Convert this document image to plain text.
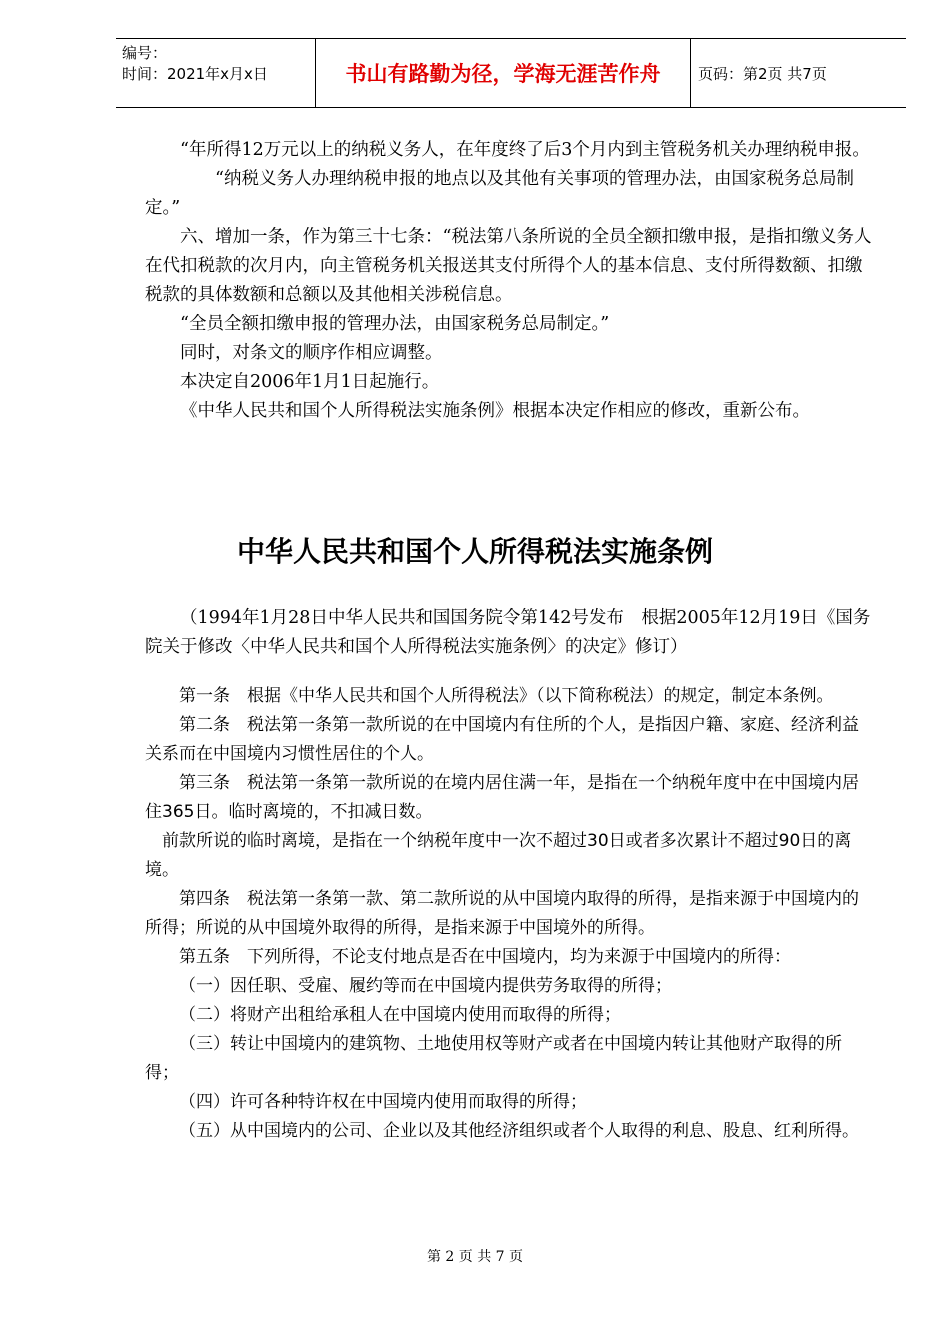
编号：
时间：2021年x月x日	书山有路勤为径，学海无涯苦作舟	页码：第2页 共7页

“年所得12万元以上的纳税义务人，在年度终了后3个月内到主管税务机关办理纳税申报。

“纳税义务人办理纳税申报的地点以及其他有关事项的管理办法，由国家税务总局制定。”

六、增加一条，作为第三十七条：“税法第八条所说的全员全额扣缴申报，是指扣缴义务人在代扣税款的次月内，向主管税务机关报送其支付所得个人的基本信息、支付所得数额、扣缴税款的具体数额和总额以及其他相关涉税信息。

“全员全额扣缴申报的管理办法，由国家税务总局制定。”

同时，对条文的顺序作相应调整。

本决定自2006年1月1日起施行。

《中华人民共和国个人所得税法实施条例》根据本决定作相应的修改，重新公布。

中华人民共和国个人所得税法实施条例

（1994年1月28日中华人民共和国国务院令第142号发布　根据2005年12月19日《国务院关于修改〈中华人民共和国个人所得税法实施条例〉的决定》修订）

第一条　根据《中华人民共和国个人所得税法》（以下简称税法）的规定，制定本条例。

第二条　税法第一条第一款所说的在中国境内有住所的个人，是指因户籍、家庭、经济利益关系而在中国境内习惯性居住的个人。

第三条　税法第一条第一款所说的在境内居住满一年，是指在一个纳税年度中在中国境内居住365日。临时离境的，不扣减日数。

前款所说的临时离境，是指在一个纳税年度中一次不超过30日或者多次累计不超过90日的离境。

第四条　税法第一条第一款、第二款所说的从中国境内取得的所得，是指来源于中国境内的所得；所说的从中国境外取得的所得，是指来源于中国境外的所得。

第五条　下列所得，不论支付地点是否在中国境内，均为来源于中国境内的所得：

（一）因任职、受雇、履约等而在中国境内提供劳务取得的所得；

（二）将财产出租给承租人在中国境内使用而取得的所得；

（三）转让中国境内的建筑物、土地使用权等财产或者在中国境内转让其他财产取得的所得；

（四）许可各种特许权在中国境内使用而取得的所得；

（五）从中国境内的公司、企业以及其他经济组织或者个人取得的利息、股息、红利所得。

第 2 页 共 7 页
